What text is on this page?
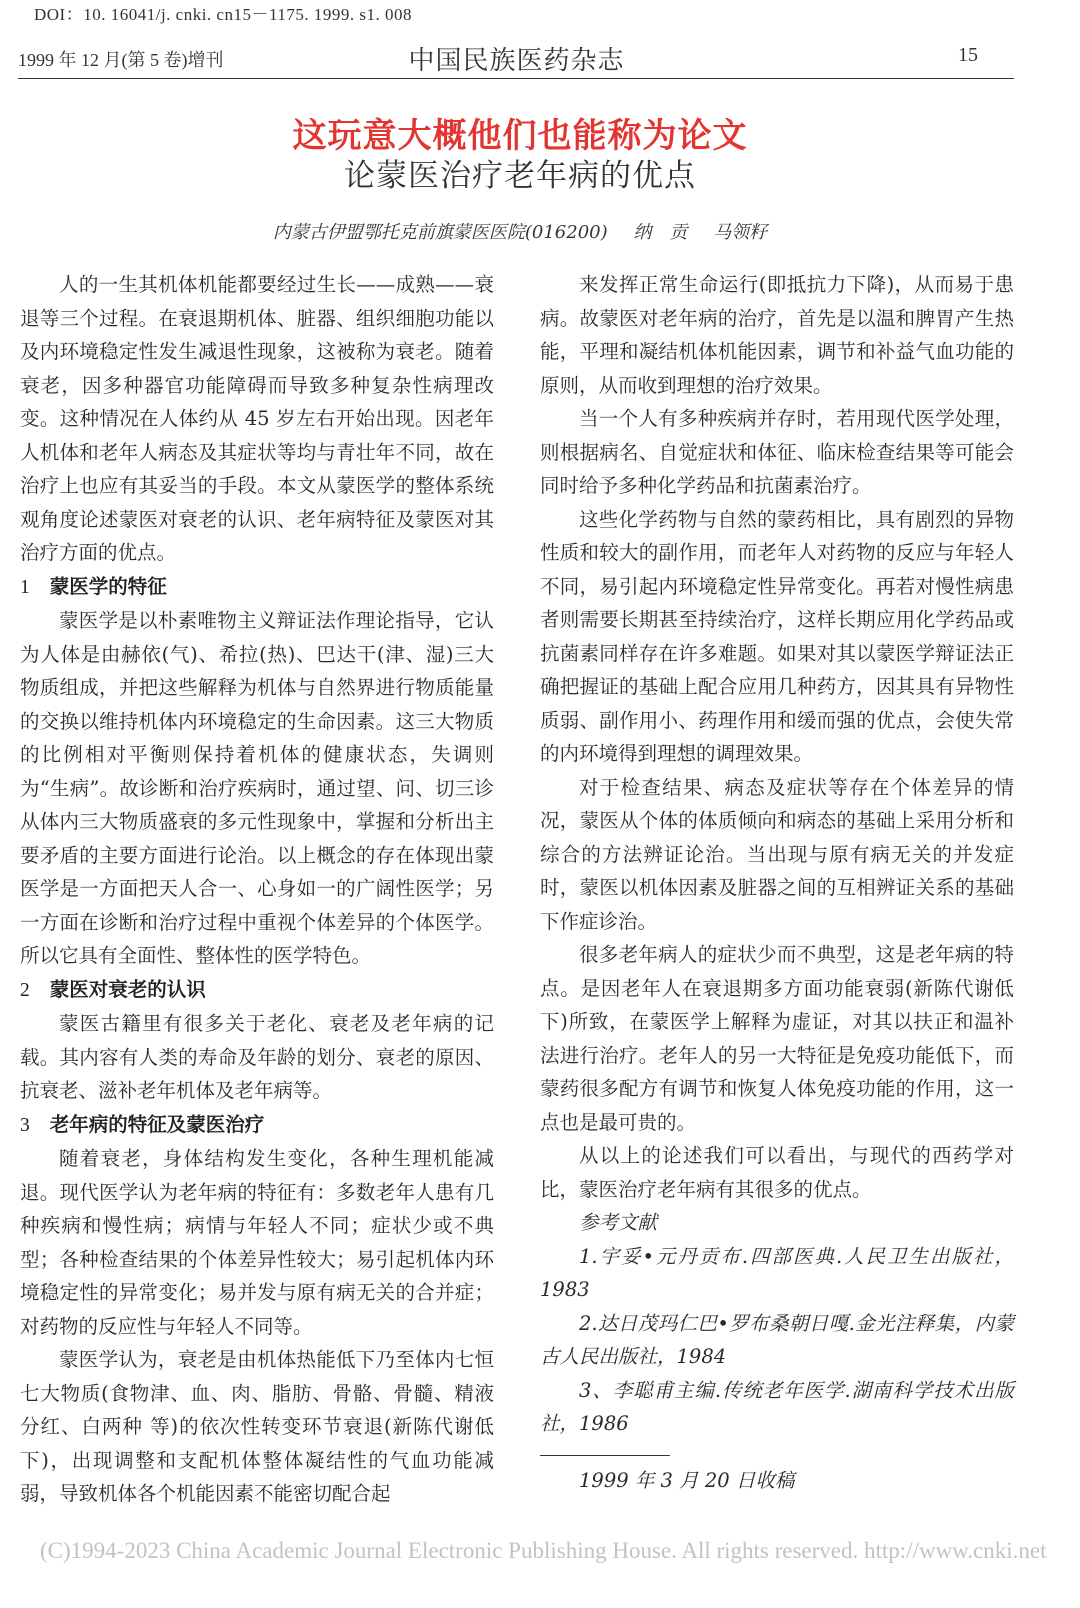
DOI：10. 16041/j. cnki. cn15－1175. 1999. s1. 008
1999 年 12 月(第 5 卷)增刊	中国民族医药杂志	15
这玩意大概他们也能称为论文
论蒙医治疗老年病的优点
内蒙古伊盟鄂托克前旗蒙医医院(016200) 纳　贡 马领籽

人的一生其机体机能都要经过生长——成熟——衰退等三个过程。在衰退期机体、脏器、组织细胞功能以及内环境稳定性发生减退性现象，这被称为衰老。随着衰老，因多种器官功能障碍而导致多种复杂性病理改变。这种情况在人体约从 45 岁左右开始出现。因老年人机体和老年人病态及其症状等均与青壮年不同，故在治疗上也应有其妥当的手段。本文从蒙医学的整体系统观角度论述蒙医对衰老的认识、老年病特征及蒙医对其治疗方面的优点。

1 蒙医学的特征

蒙医学是以朴素唯物主义辩证法作理论指导，它认为人体是由赫依(气)、希拉(热)、巴达干(津、湿)三大物质组成，并把这些解释为机体与自然界进行物质能量的交换以维持机体内环境稳定的生命因素。这三大物质的比例相对平衡则保持着机体的健康状态，失调则为“生病”。故诊断和治疗疾病时，通过望、问、切三诊从体内三大物质盛衰的多元性现象中，掌握和分析出主要矛盾的主要方面进行论治。以上概念的存在体现出蒙医学是一方面把天人合一、心身如一的广阔性医学；另一方面在诊断和治疗过程中重视个体差异的个体医学。所以它具有全面性、整体性的医学特色。

2 蒙医对衰老的认识

蒙医古籍里有很多关于老化、衰老及老年病的记载。其内容有人类的寿命及年龄的划分、衰老的原因、抗衰老、滋补老年机体及老年病等。

3 老年病的特征及蒙医治疗

随着衰老，身体结构发生变化，各种生理机能减退。现代医学认为老年病的特征有：多数老年人患有几种疾病和慢性病；病情与年轻人不同；症状少或不典型；各种检查结果的个体差异性较大；易引起机体内环境稳定性的异常变化；易并发与原有病无关的合并症；对药物的反应性与年轻人不同等。

蒙医学认为，衰老是由机体热能低下乃至体内七恒七大物质(食物津、血、肉、脂肪、骨骼、骨髓、精液 分红、白两种 等)的依次性转变环节衰退(新陈代谢低下)，出现调整和支配机体整体凝结性的气血功能减弱，导致机体各个机能因素不能密切配合起

来发挥正常生命运行(即抵抗力下降)，从而易于患病。故蒙医对老年病的治疗，首先是以温和脾胃产生热能，平理和凝结机体机能因素，调节和补益气血功能的原则，从而收到理想的治疗效果。

当一个人有多种疾病并存时，若用现代医学处理，则根据病名、自觉症状和体征、临床检查结果等可能会同时给予多种化学药品和抗菌素治疗。

这些化学药物与自然的蒙药相比，具有剧烈的异物性质和较大的副作用，而老年人对药物的反应与年轻人不同，易引起内环境稳定性异常变化。再若对慢性病患者则需要长期甚至持续治疗，这样长期应用化学药品或抗菌素同样存在许多难题。如果对其以蒙医学辩证法正确把握证的基础上配合应用几种药方，因其具有异物性质弱、副作用小、药理作用和缓而强的优点，会使失常的内环境得到理想的调理效果。

对于检查结果、病态及症状等存在个体差异的情况，蒙医从个体的体质倾向和病态的基础上采用分析和综合的方法辨证论治。当出现与原有病无关的并发症时，蒙医以机体因素及脏器之间的互相辨证关系的基础下作症诊治。

很多老年病人的症状少而不典型，这是老年病的特点。是因老年人在衰退期多方面功能衰弱(新陈代谢低下)所致，在蒙医学上解释为虚证，对其以扶正和温补法进行治疗。老年人的另一大特征是免疫功能低下，而蒙药很多配方有调节和恢复人体免疫功能的作用，这一点也是最可贵的。

从以上的论述我们可以看出，与现代的西药学对比，蒙医治疗老年病有其很多的优点。

参考文献

1.宇妥•元丹贡布.四部医典.人民卫生出版社，1983

2.达日茂玛仁巴•罗布桑朝日嘎.金光注释集，内蒙古人民出版社，1984

3、李聪甫主编.传统老年医学.湖南科学技术出版社，1986

1999 年 3 月 20 日收稿

(C)1994-2023 China Academic Journal Electronic Publishing House. All rights reserved. http://www.cnki.net
